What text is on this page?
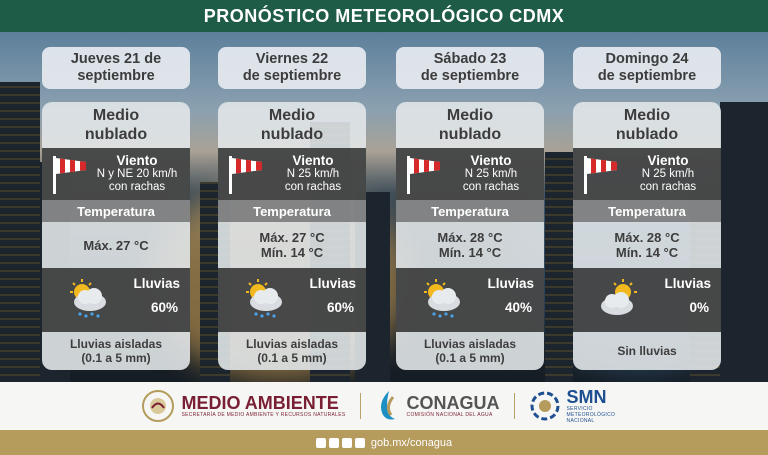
PRONÓSTICO METEOROLÓGICO CDMX
Jueves 21 de
septiembre
Medio
nublado
Viento
N y NE 20 km/h
con rachas
Temperatura
Máx. 27 °C
Lluvias
60%
Lluvias aisladas
(0.1 a 5 mm)
Viernes 22
de septiembre
Medio
nublado
Viento
N 25 km/h
con rachas
Temperatura
Máx. 27 °C
Mín. 14 °C
Lluvias
60%
Lluvias aisladas
(0.1 a 5 mm)
Sábado 23
de septiembre
Medio
nublado
Viento
N 25 km/h
con rachas
Temperatura
Máx. 28 °C
Mín. 14 °C
Lluvias
40%
Lluvias aisladas
(0.1 a 5 mm)
Domingo 24
de septiembre
Medio
nublado
Viento
N 25 km/h
con rachas
Temperatura
Máx. 28 °C
Mín. 14 °C
Lluvias
0%
Sin lluvias
MEDIO AMBIENTE
SECRETARÍA DE MEDIO AMBIENTE Y RECURSOS NATURALES
CONAGUA
COMISIÓN NACIONAL DEL AGUA
SMN
SERVICIO METEOROLÓGICO NACIONAL
gob.mx/conagua
